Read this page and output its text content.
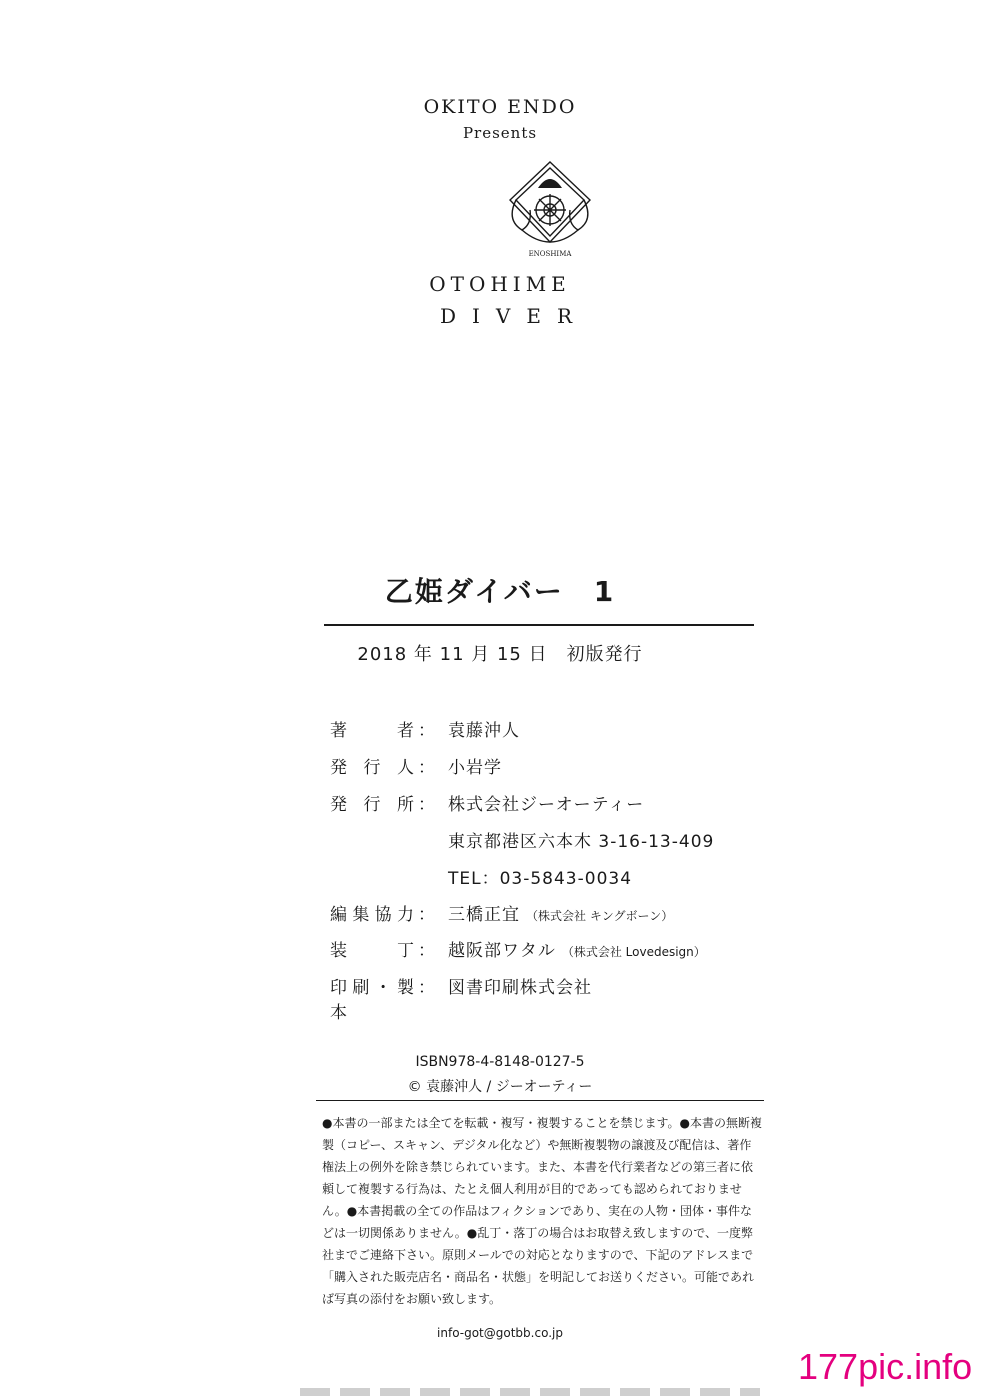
OKITO ENDO
Presents
ENOSHIMA
OTOHIME
DIVER
乙姫ダイバー　1
2018 年 11 月 15 日　初版発行
著者 ： 袁藤沖人
発行人 ： 小岩学
発行所 ： 株式会社ジーオーティー
東京都港区六本木 3-16-13-409
TEL：03-5843-0034
編集協力 ： 三橋正宜 （株式会社 キングボーン）
装丁 ： 越阪部ワタル （株式会社 Lovedesign）
印刷・製本
： 図書印刷株式会社
ISBN978-4-8148-0127-5
© 袁藤沖人 / ジーオーティー

●本書の一部または全てを転載・複写・複製することを禁じます。●本書の無断複製（コピー、スキャン、デジタル化など）や無断複製物の譲渡及び配信は、著作権法上の例外を除き禁じられています。また、本書を代行業者などの第三者に依頼して複製する行為は、たとえ個人利用が目的であっても認められておりません。●本書掲載の全ての作品はフィクションであり、実在の人物・団体・事件などは一切関係ありません。●乱丁・落丁の場合はお取替え致しますので、一度弊社までご連絡下さい。原則メールでの対応となりますので、下記のアドレスまで「購入された販売店名・商品名・状態」を明記してお送りください。可能であれば写真の添付をお願い致します。

info-got@gotbb.co.jp
177pic.info
